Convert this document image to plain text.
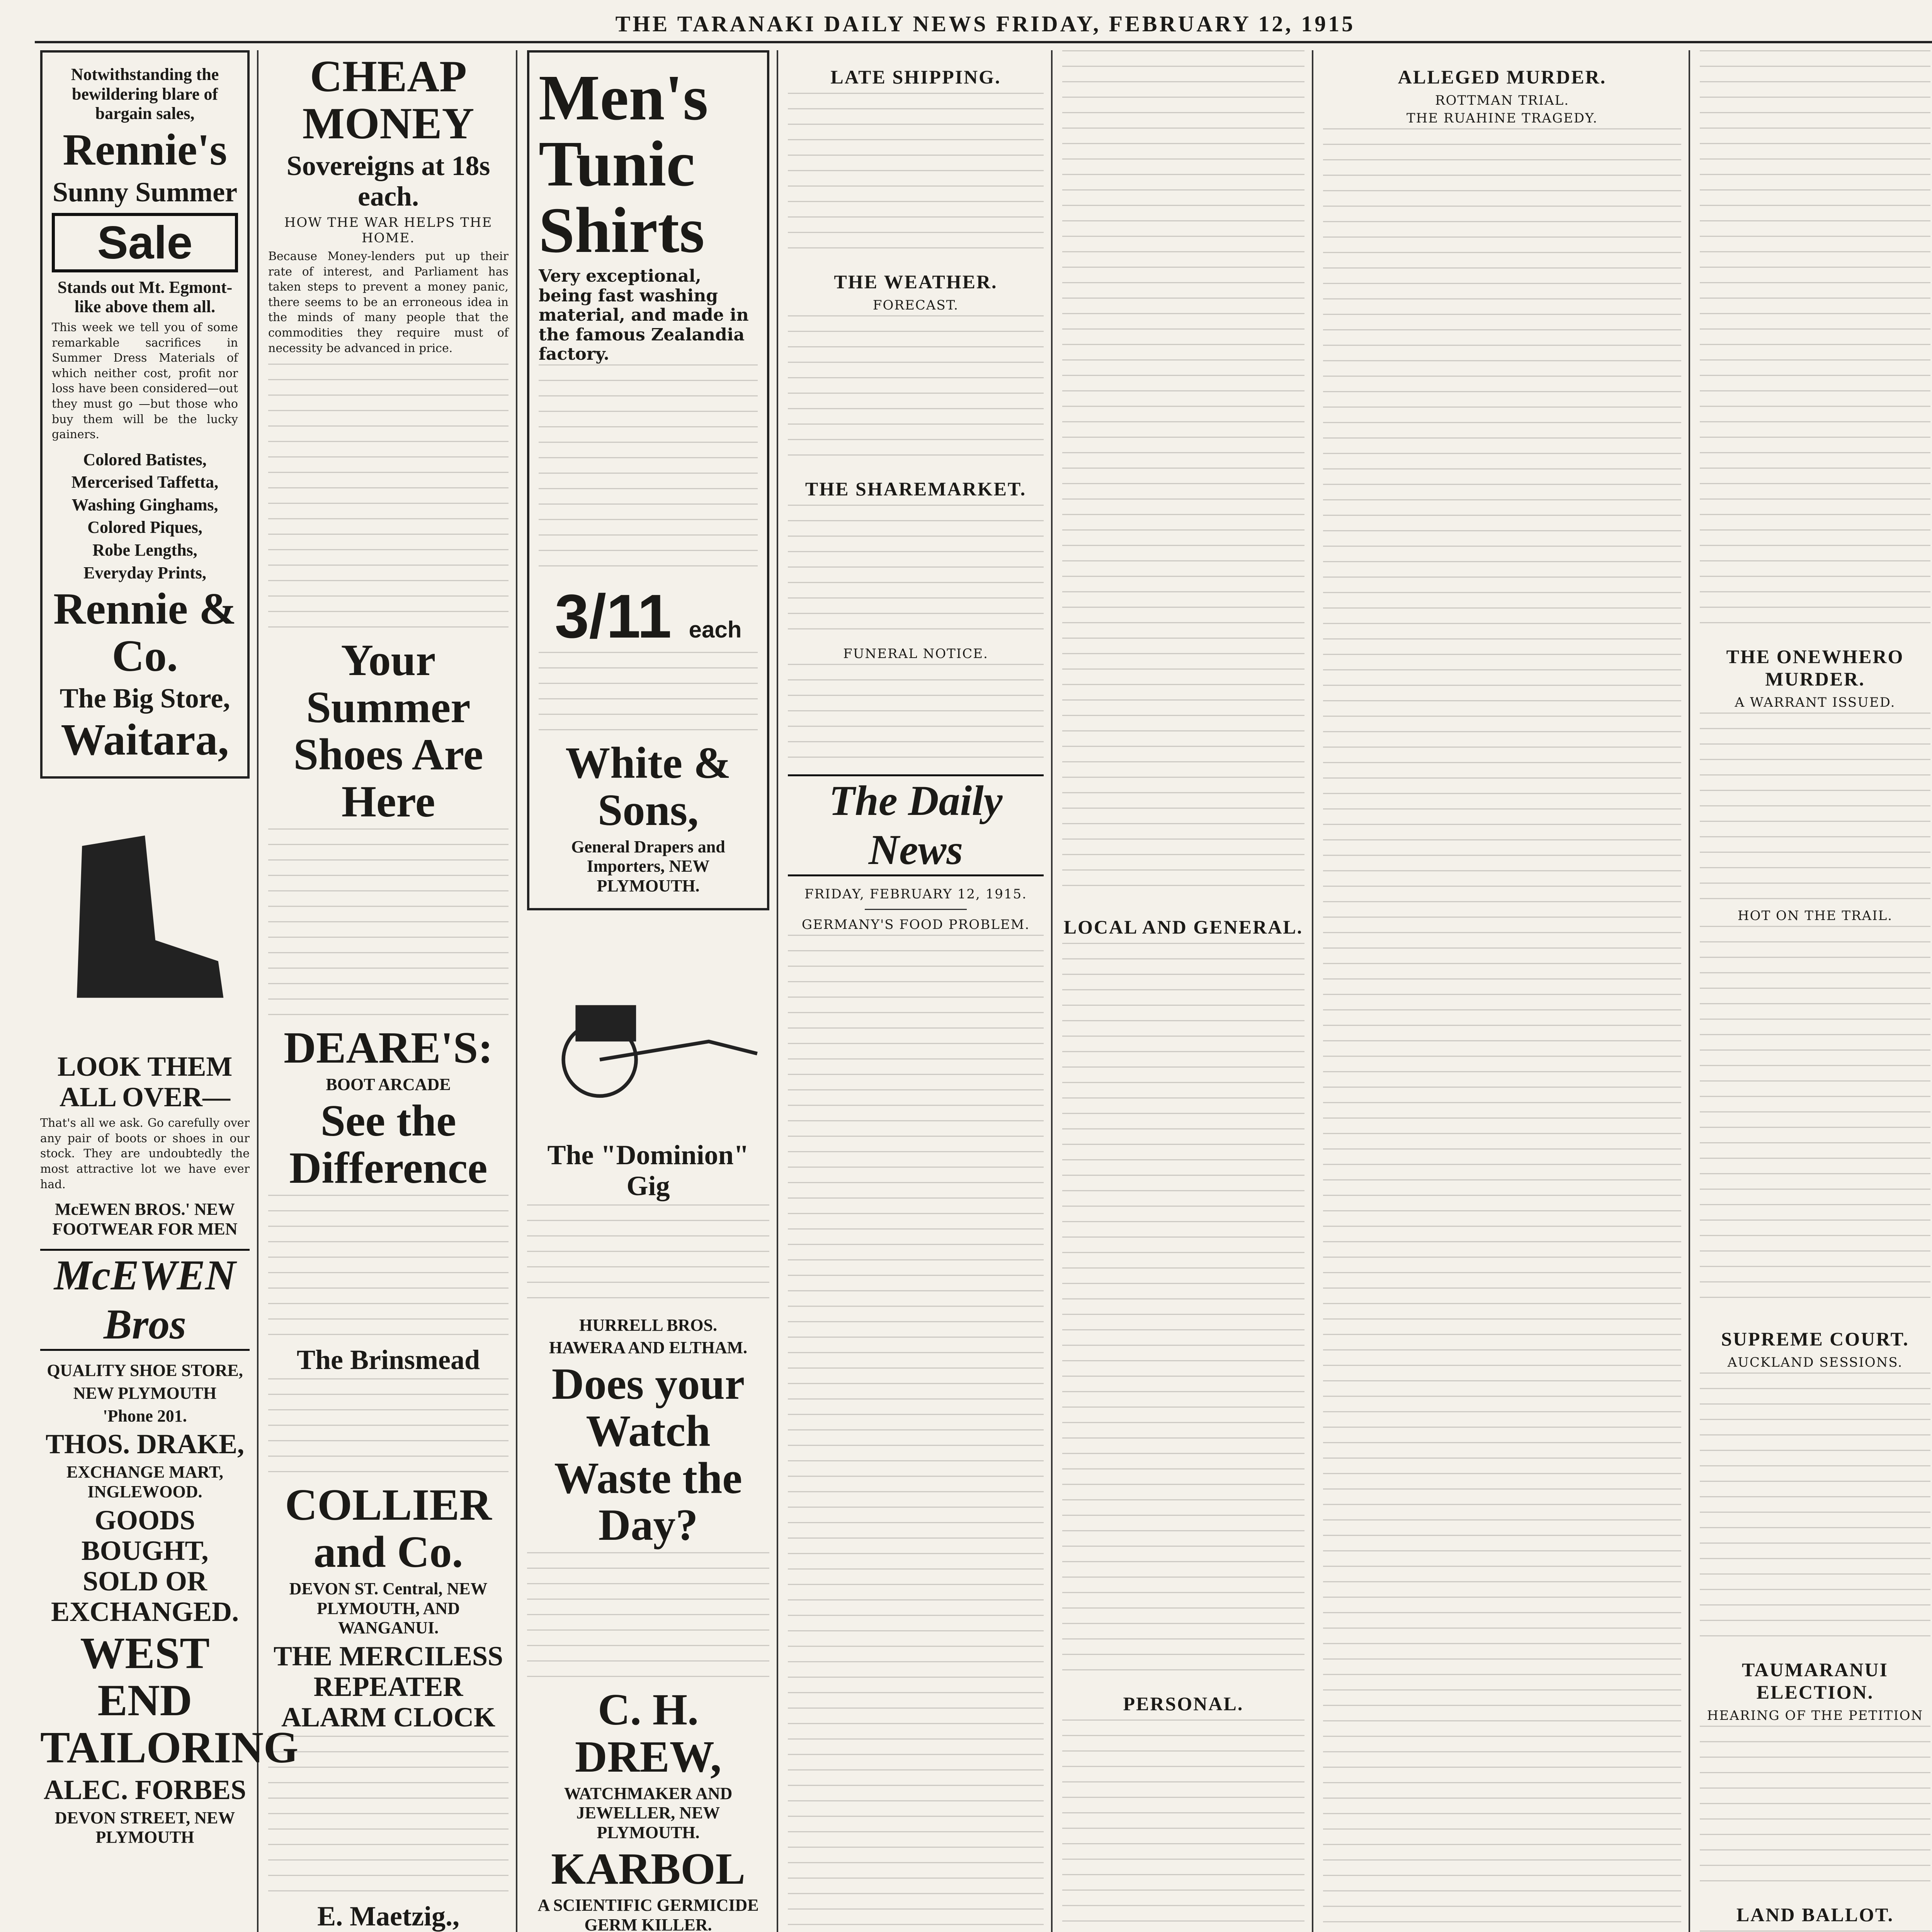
THE TARANAKI DAILY NEWS FRIDAY, FEBRUARY 12, 1915
Notwithstanding the bewildering blare of bargain sales,
Rennie's
Sunny Summer
Sale
Stands out Mt. Egmont-like above them all.
This week we tell you of some remarkable sacrifices in Summer Dress Materials of which neither cost, profit nor loss have been considered—out they must go —but those who buy them will be the lucky gainers.
Colored Batistes,
Mercerised Taffetta,
Washing Ginghams,
Colored Piques,
Robe Lengths,
Everyday Prints,
Rennie & Co.
The Big Store,
Waitara,
LOOK THEM ALL OVER—
That's all we ask. Go carefully over any pair of boots or shoes in our stock. They are undoubtedly the most attractive lot we have ever had.
McEWEN BROS.' NEW FOOTWEAR FOR MEN
McEWEN Bros
QUALITY SHOE STORE,
NEW PLYMOUTH
'Phone 201.
THOS. DRAKE,
EXCHANGE MART, INGLEWOOD.
GOODS BOUGHT, SOLD OR EXCHANGED.
WEST END TAILORING
ALEC. FORBES
DEVON STREET, NEW PLYMOUTH
CHEAP MONEY
Sovereigns at 18s each.
HOW THE WAR HELPS THE HOME.
Because Money-lenders put up their rate of interest, and Parliament has taken steps to prevent a money panic, there seems to be an erroneous idea in the minds of many people that the commodities they require must of necessity be advanced in price.
Your Summer Shoes Are Here
DEARE'S:
BOOT ARCADE
See the Difference
The Brinsmead
COLLIER and Co.
DEVON ST. Central, NEW PLYMOUTH, AND WANGANUI.
THE MERCILESS REPEATER ALARM CLOCK
E. Maetzig.,
Men's Tunic Shirts
Very exceptional, being fast washing material, and made in the famous Zealandia factory.
3/11 each
White & Sons,
General Drapers and Importers, NEW PLYMOUTH.
The "Dominion" Gig
HURRELL BROS.
HAWERA AND ELTHAM.
Does your Watch Waste the Day?
C. H. DREW,
WATCHMAKER AND JEWELLER, NEW PLYMOUTH.
KARBOL
A SCIENTIFIC GERMICIDE GERM KILLER.
LATE SHIPPING.
THE WEATHER.
FORECAST.
THE SHAREMARKET.
FUNERAL NOTICE.
The Daily News
FRIDAY, FEBRUARY 12, 1915.
GERMANY'S FOOD PROBLEM.	LOCAL AND GENERAL.
PERSONAL.
ALLEGED MURDER.
ROTTMAN TRIAL.
THE RUAHINE TRAGEDY.
THE ONEWHERO MURDER.
A WARRANT ISSUED.
HOT ON THE TRAIL.
SUPREME COURT.
AUCKLAND SESSIONS.
TAUMARANUI ELECTION.
HEARING OF THE PETITION
LAND BALLOT.
